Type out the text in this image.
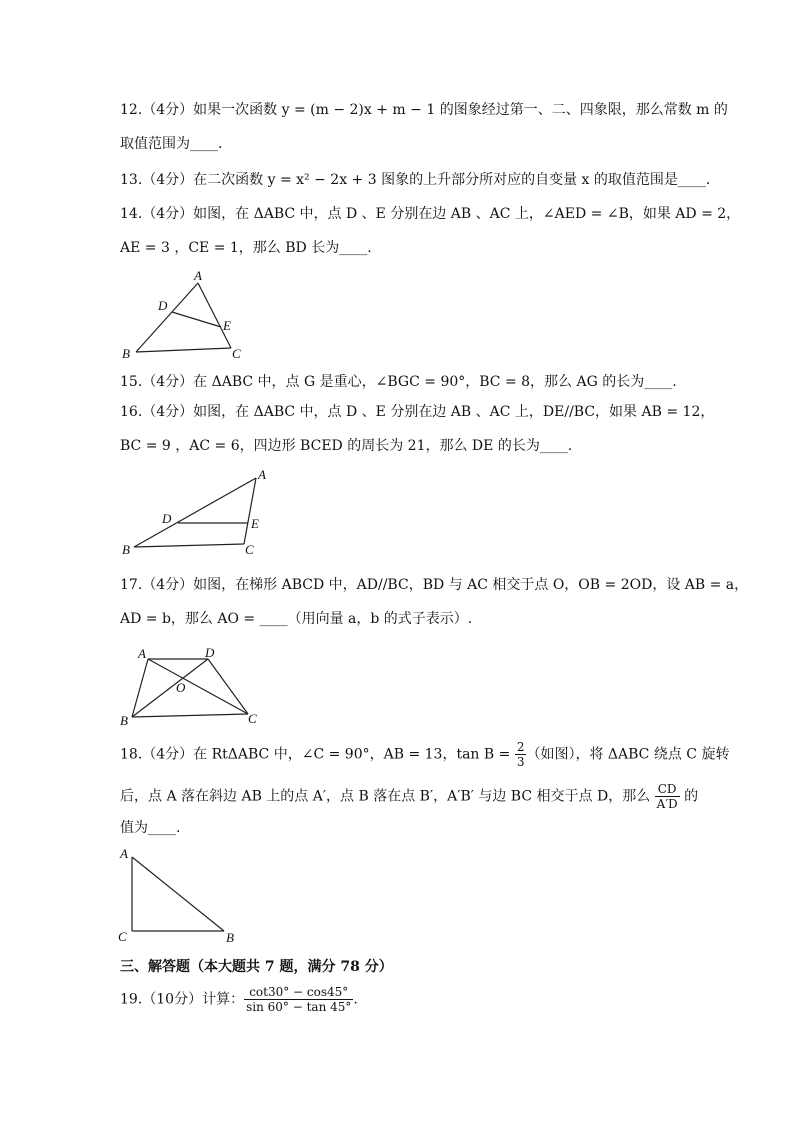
12.（4分）如果一次函数 y = (m − 2)x + m − 1 的图象经过第一、二、四象限，那么常数 m 的
取值范围为____.
13.（4分）在二次函数 y = x² − 2x + 3 图象的上升部分所对应的自变量 x 的取值范围是____.
14.（4分）如图，在 ΔABC 中，点 D 、E 分别在边 AB 、AC 上，∠AED = ∠B，如果 AD = 2，
AE = 3 ，CE = 1，那么 BD 长为____.
A
D
E
B	C
15.（4分）在 ΔABC 中，点 G 是重心，∠BGC = 90°，BC = 8，那么 AG 的长为____.
16.（4分）如图，在 ΔABC 中，点 D 、E 分别在边 AB 、AC 上，DE//BC，如果 AB = 12，
BC = 9 ，AC = 6，四边形 BCED 的周长为 21，那么 DE 的长为____.
A
D	E
B	C
17.（4分）如图，在梯形 ABCD 中，AD//BC，BD 与 AC 相交于点 O，OB = 2OD，设 AB = a，
AD = b，那么 AO = ____（用向量 a，b 的式子表示）.
A	D
O
B	C
18.（4分）在 RtΔABC 中，∠C = 90°，AB = 13，$\tan B = \frac{2}{3}$ （如图），将 ΔABC 绕点 C 旋转
后，点 A 落在斜边 AB 上的点 A′，点 B 落在点 B′，A′B′ 与边 BC 相交于点 D，那么 $\frac{CD}{A'D}$ 的
值为____.
A
C	B
三、解答题（本大题共 7 题，满分 78 分）
19.（10分）计算： $\frac{\cot 30^\circ - \cos 45^\circ}{\sin 60^\circ - \tan 45^\circ}$ .
